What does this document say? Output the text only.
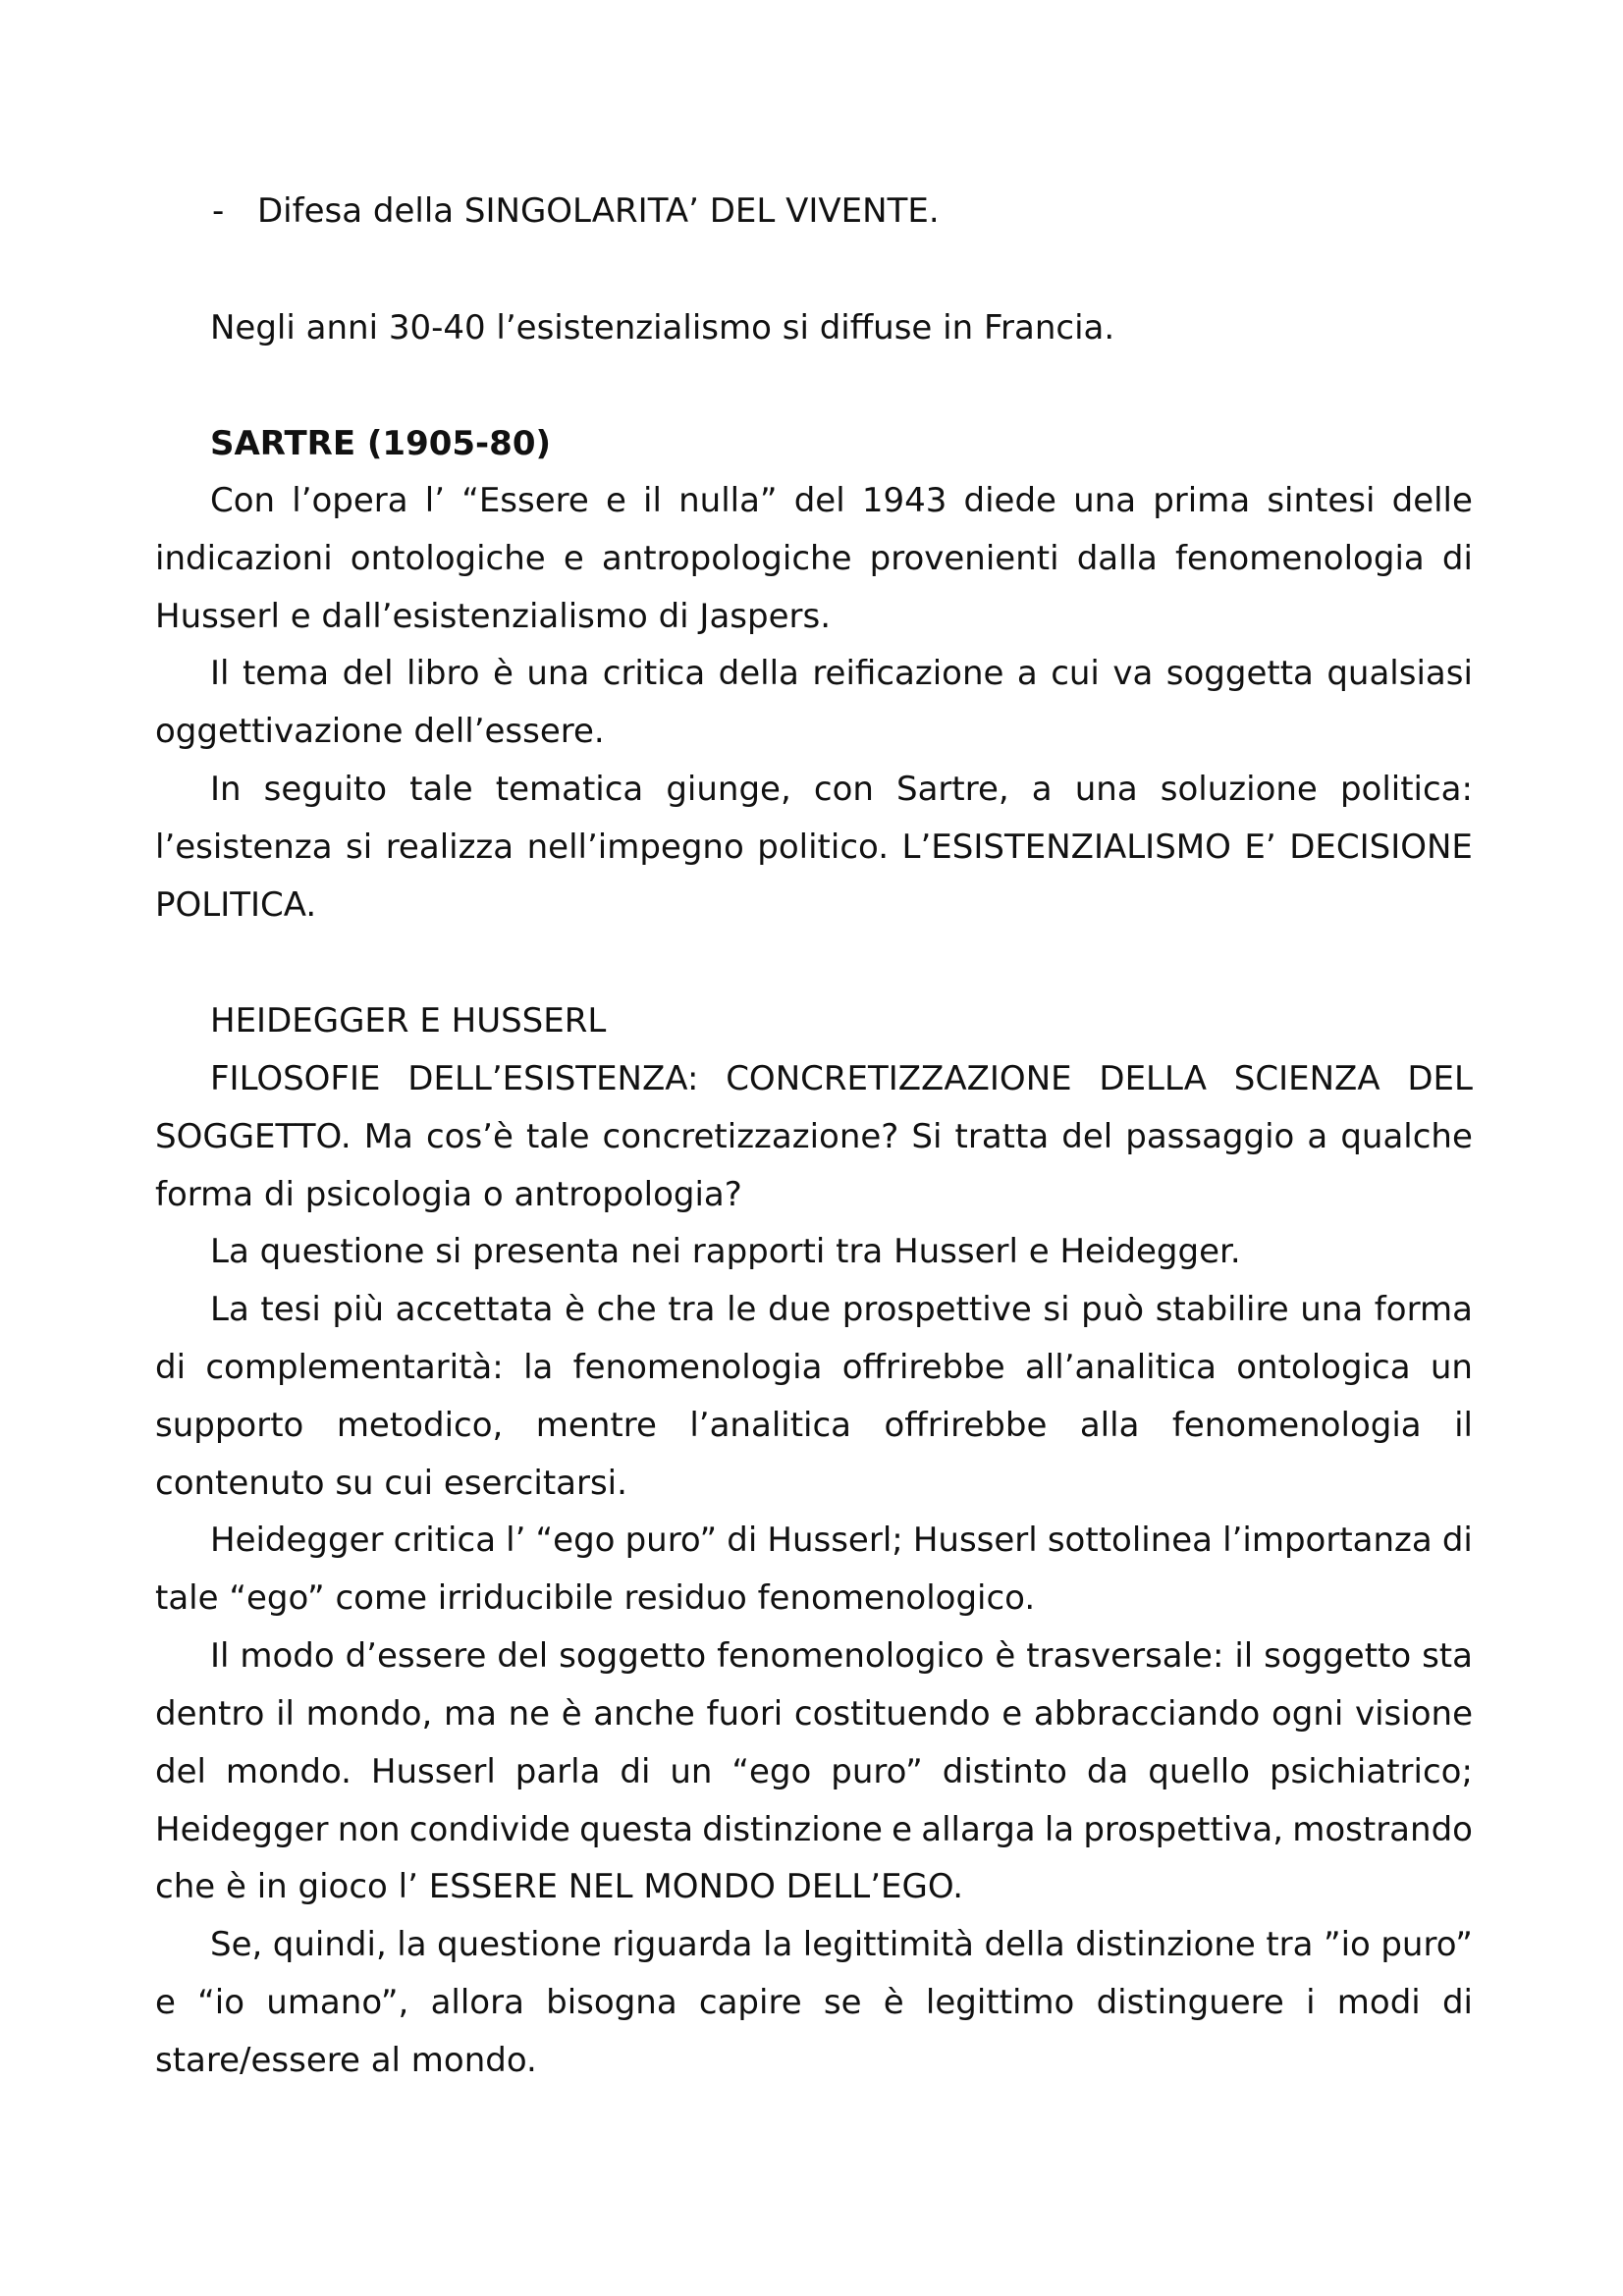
- Difesa della SINGOLARITA’ DEL VIVENTE.
Negli anni 30-40 l’esistenzialismo si diffuse in Francia.
SARTRE (1905-80)
Con l’opera l’ “Essere e il nulla” del 1943 diede una prima sintesi delle
indicazioni ontologiche e antropologiche provenienti dalla fenomenologia di
Husserl e dall’esistenzialismo di Jaspers.
Il tema del libro è una critica della reificazione a cui va soggetta qualsiasi
oggettivazione dell’essere.
In seguito tale tematica giunge, con Sartre, a una soluzione politica:
l’esistenza si realizza nell’impegno politico. L’ESISTENZIALISMO E’ DECISIONE
POLITICA.
HEIDEGGER E HUSSERL
FILOSOFIE DELL’ESISTENZA: CONCRETIZZAZIONE DELLA SCIENZA DEL
SOGGETTO. Ma cos’è tale concretizzazione? Si tratta del passaggio a qualche
forma di psicologia o antropologia?
La questione si presenta nei rapporti tra Husserl e Heidegger.
La tesi più accettata è che tra le due prospettive si può stabilire una forma
di complementarità: la fenomenologia offrirebbe all’analitica ontologica un
supporto metodico, mentre l’analitica offrirebbe alla fenomenologia il
contenuto su cui esercitarsi.
Heidegger critica l’ “ego puro” di Husserl; Husserl sottolinea l’importanza di
tale “ego” come irriducibile residuo fenomenologico.
Il modo d’essere del soggetto fenomenologico è trasversale: il soggetto sta
dentro il mondo, ma ne è anche fuori costituendo e abbracciando ogni visione
del mondo. Husserl parla di un “ego puro” distinto da quello psichiatrico;
Heidegger non condivide questa distinzione e allarga la prospettiva, mostrando
che è in gioco l’ ESSERE NEL MONDO DELL’EGO.
Se, quindi, la questione riguarda la legittimità della distinzione tra ”io puro”
e “io umano”, allora bisogna capire se è legittimo distinguere i modi di
stare/essere al mondo.
